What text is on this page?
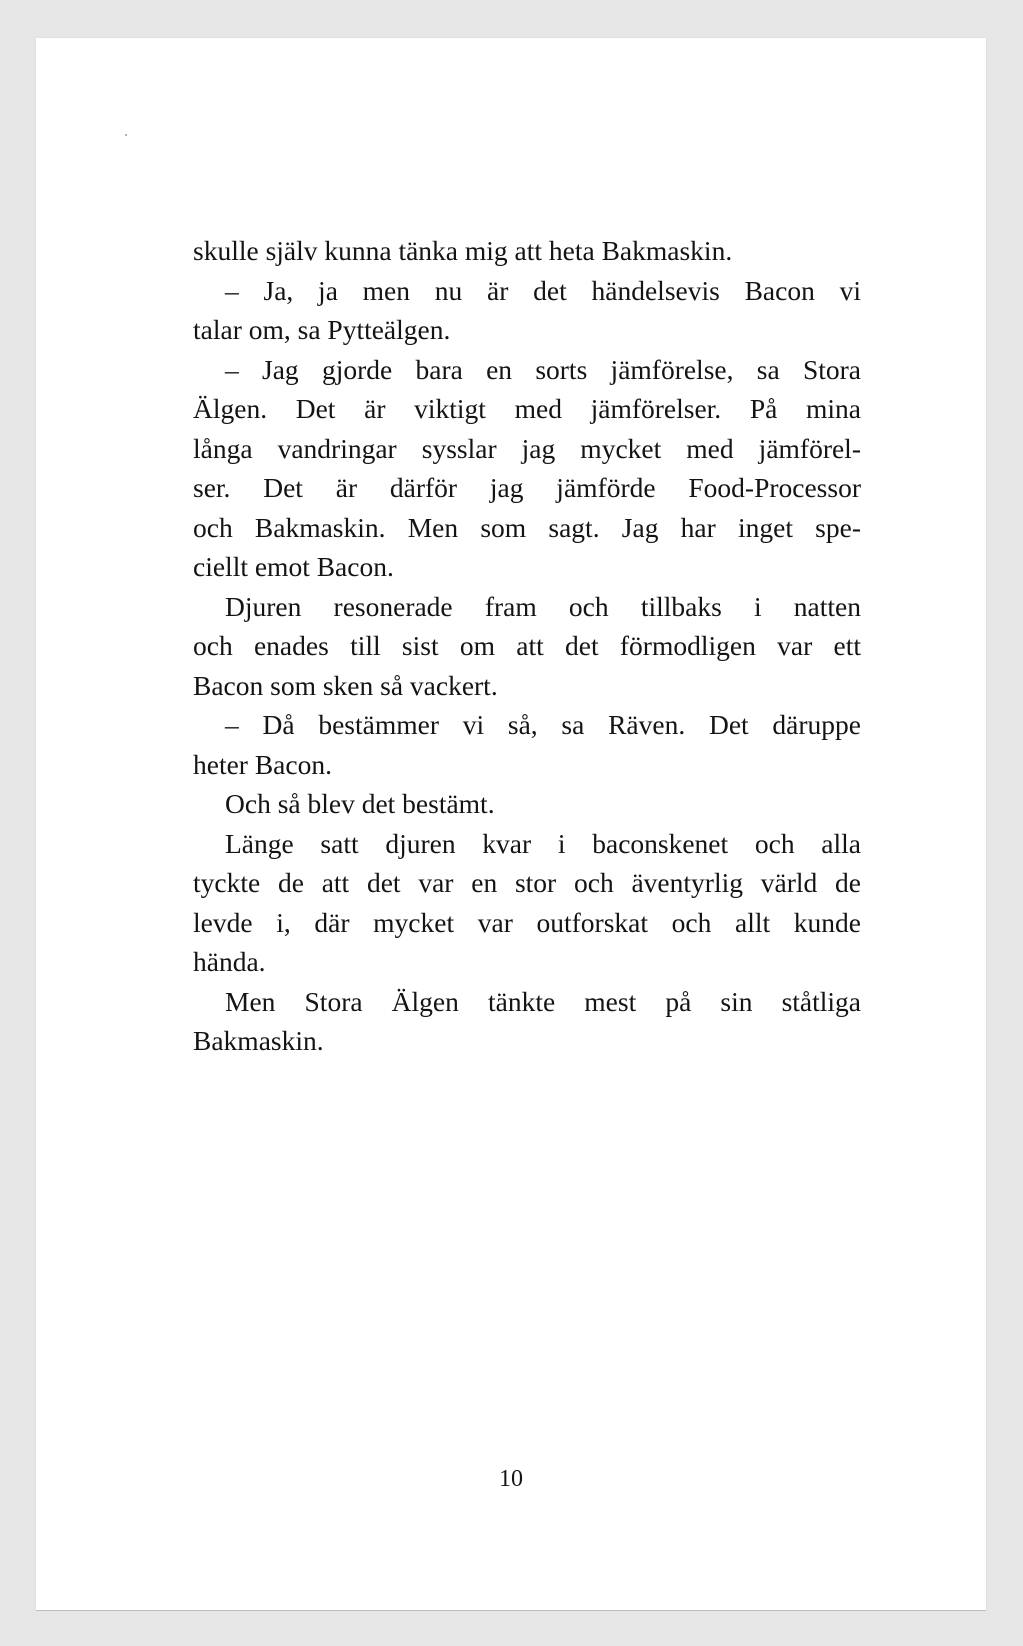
skulle själv kunna tänka mig att heta Bakmaskin.
– Ja, ja men nu är det händelsevis Bacon vi
talar om, sa Pytteälgen.
– Jag gjorde bara en sorts jämförelse, sa Stora
Älgen. Det är viktigt med jämförelser. På mina
långa vandringar sysslar jag mycket med jämförel-
ser. Det är därför jag jämförde Food-Processor
och Bakmaskin. Men som sagt. Jag har inget spe-
ciellt emot Bacon.
Djuren resonerade fram och tillbaks i natten
och enades till sist om att det förmodligen var ett
Bacon som sken så vackert.
– Då bestämmer vi så, sa Räven. Det däruppe
heter Bacon.
Och så blev det bestämt.
Länge satt djuren kvar i baconskenet och alla
tyckte de att det var en stor och äventyrlig värld de
levde i, där mycket var outforskat och allt kunde
hända.
Men Stora Älgen tänkte mest på sin ståtliga
Bakmaskin.
10
